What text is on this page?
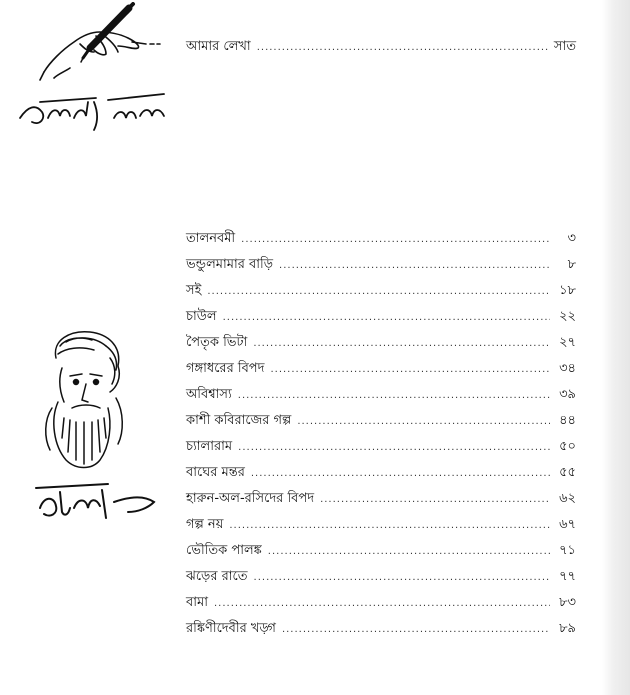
আমার লেখা .....	সাত
তালনবমী .....	৩
ভন্ডুলমামার বাড়ি .....	৮
সই .....	১৮
চাউল .....	২২
পৈতৃক ভিটা .....	২৭
গঙ্গাধরের বিপদ .....	৩৪
অবিশ্বাস্য .....	৩৯
কাশী কবিরাজের গল্প .....	৪৪
চ্যালারাম .....	৫০
বাঘের মন্তর .....	৫৫
হারুন-অল-রসিদের বিপদ .....	৬২
গল্প নয় .....	৬৭
ভৌতিক পালঙ্ক .....	৭১
ঝড়ের রাতে .....	৭৭
বামা .....	৮৩
রঙ্কিণীদেবীর খড়্গ .....	৮৯
